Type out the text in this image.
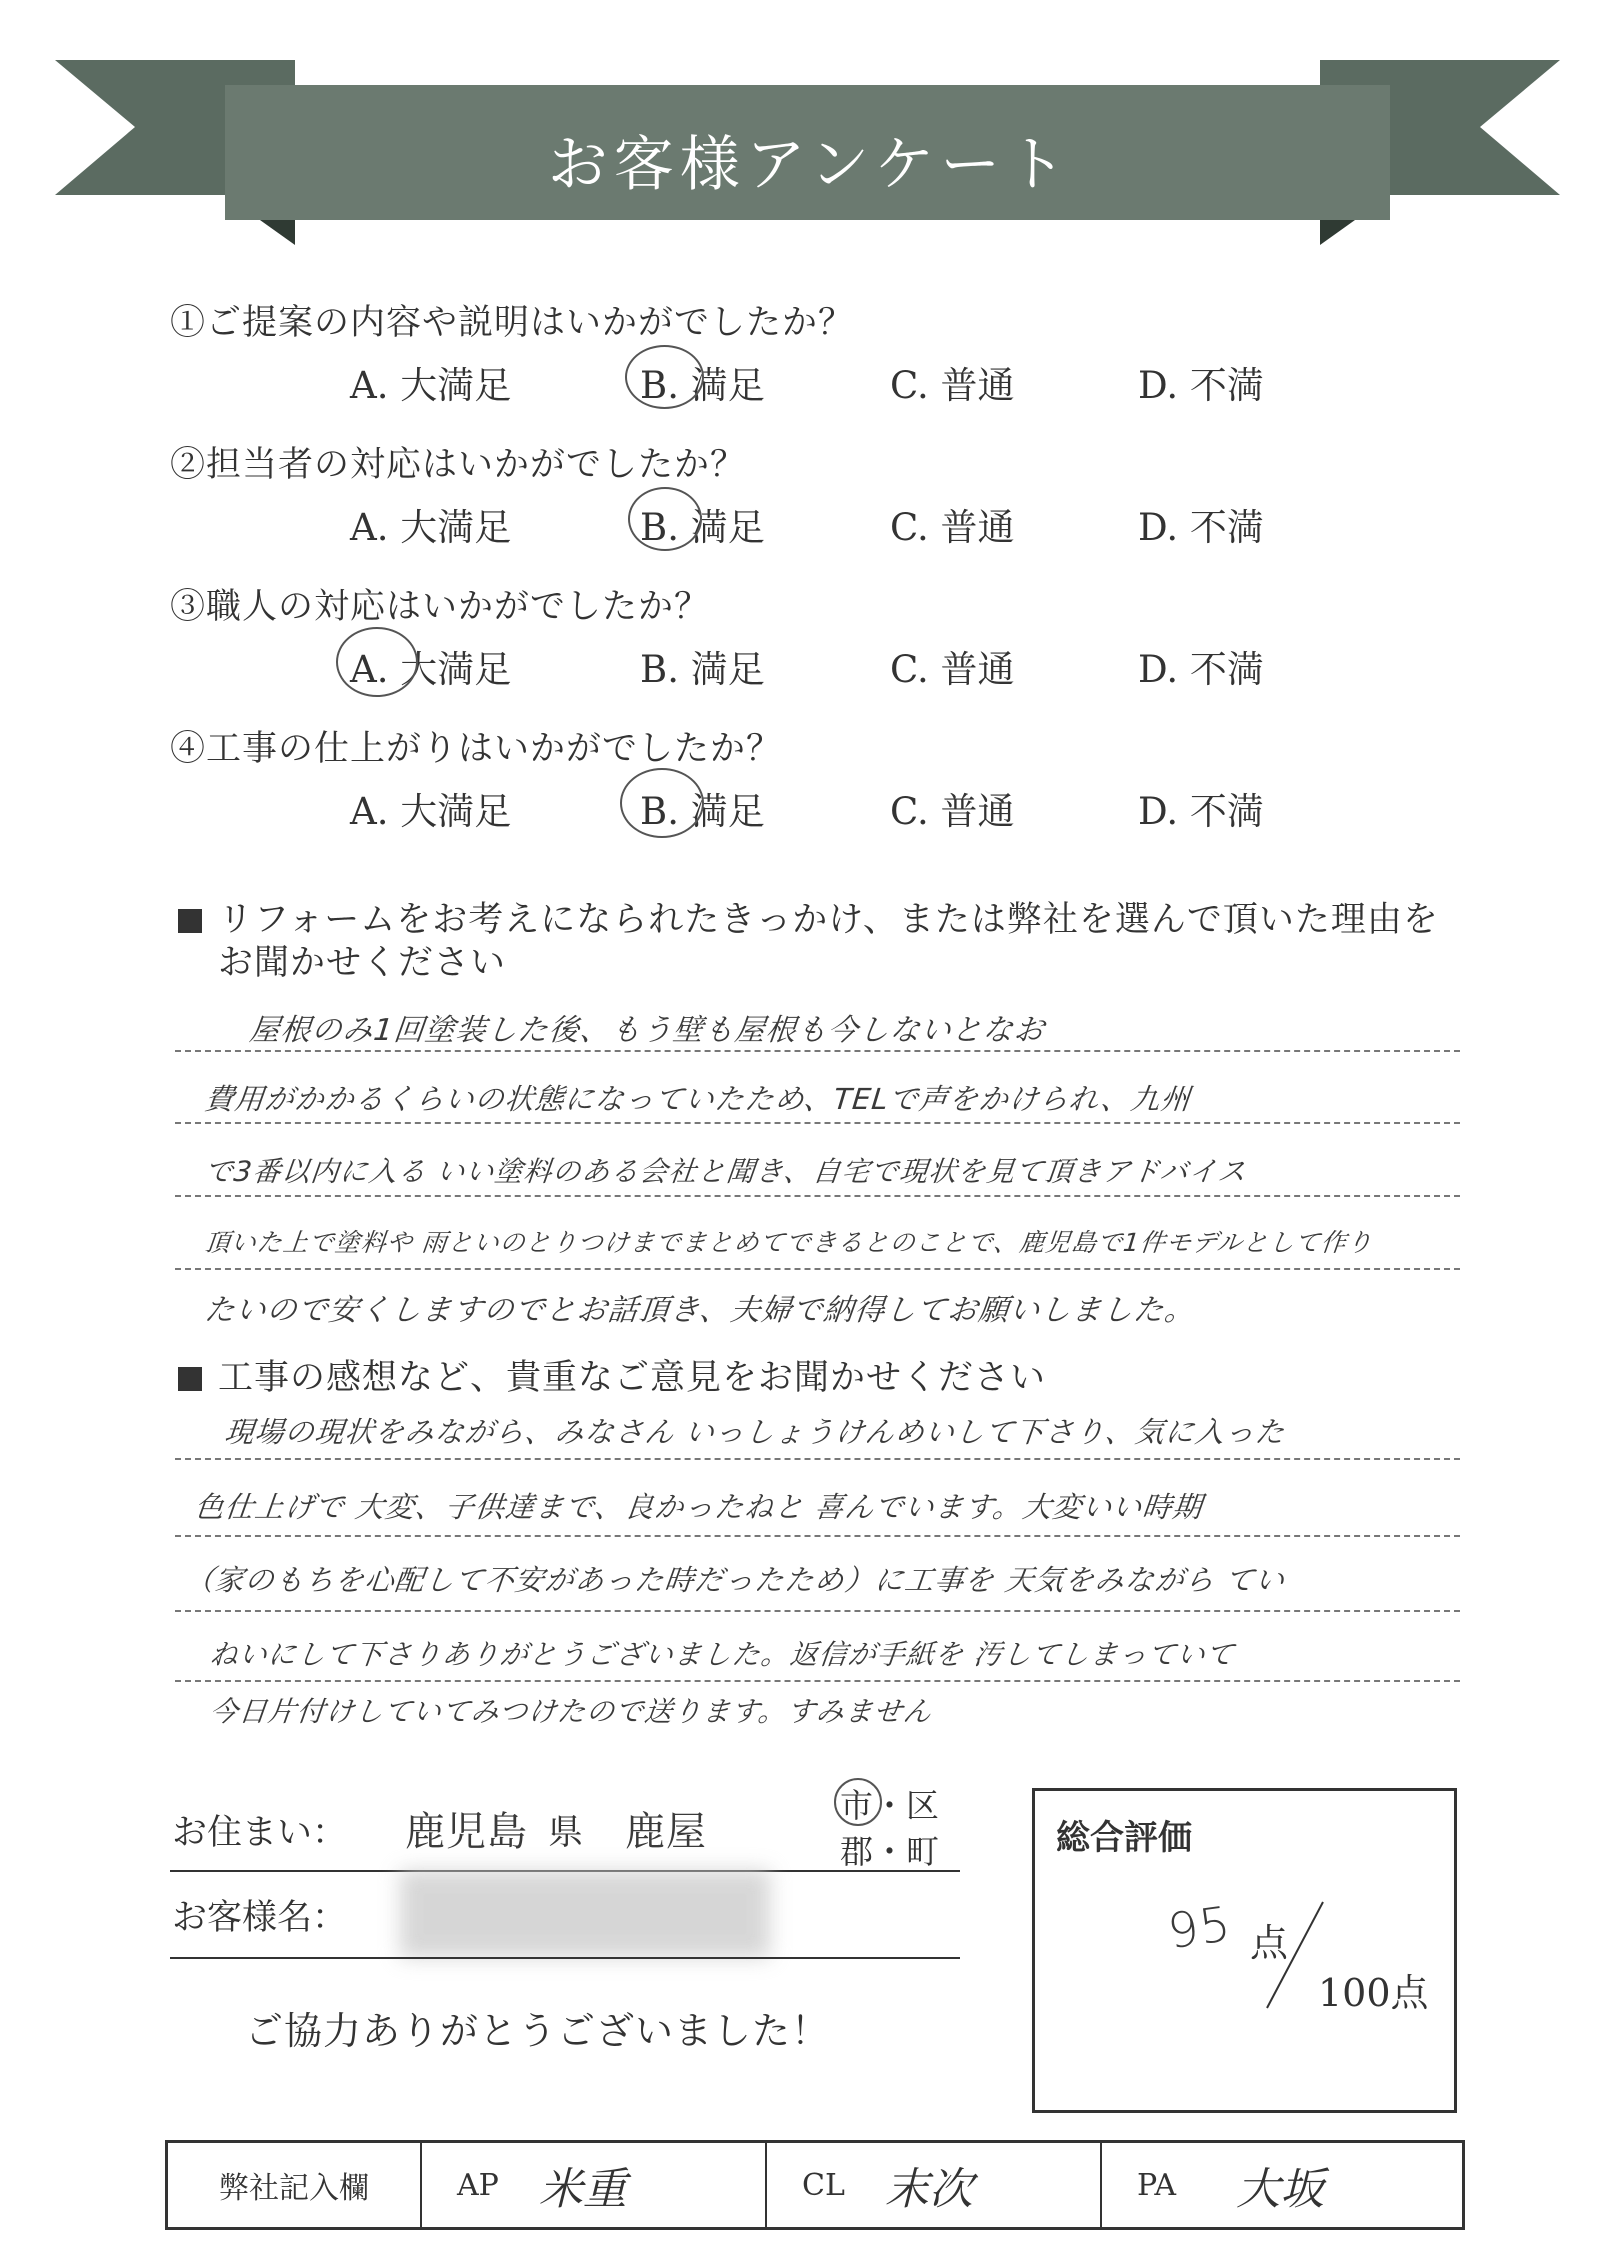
お客様アンケート
①ご提案の内容や説明はいかがでしたか？
A. 大満足	B. 満足	C. 普通	D. 不満
②担当者の対応はいかがでしたか？
A. 大満足	B. 満足	C. 普通	D. 不満
③職人の対応はいかがでしたか？
A. 大満足	B. 満足	C. 普通	D. 不満
④工事の仕上がりはいかがでしたか？
A. 大満足	B. 満足	C. 普通	D. 不満
リフォームをお考えになられたきっかけ、または弊社を選んで頂いた理由を
お聞かせください
屋根のみ1回塗装した後、もう壁も屋根も今しないとなお
費用がかかるくらいの状態になっていたため、TELで声をかけられ、九州
で3番以内に入る いい塗料のある会社と聞き、自宅で現状を見て頂きアドバイス
頂いた上で塗料や 雨といのとりつけまでまとめてできるとのことで、鹿児島で1件モデルとして作り
たいので安くしますのでとお話頂き、夫婦で納得してお願いしました。
工事の感想など、貴重なご意見をお聞かせください
現場の現状をみながら、みなさん いっしょうけんめいして下さり、気に入った
色仕上げで 大変、子供達まで、良かったねと 喜んでいます。大変いい時期
（家のもちを心配して不安があった時だったため）に工事を 天気をみながら てい
ねいにして下さりありがとうございました。返信が手紙を 汚してしまっていて
今日片付けしていてみつけたので送ります。すみません
お住まい： 鹿児島 県 鹿屋
市・区
郡・町
お客様名：
ご協力ありがとうございました！
総合評価
95 点
100点
弊社記入欄	AP 米重	CL 末次	PA 大坂
